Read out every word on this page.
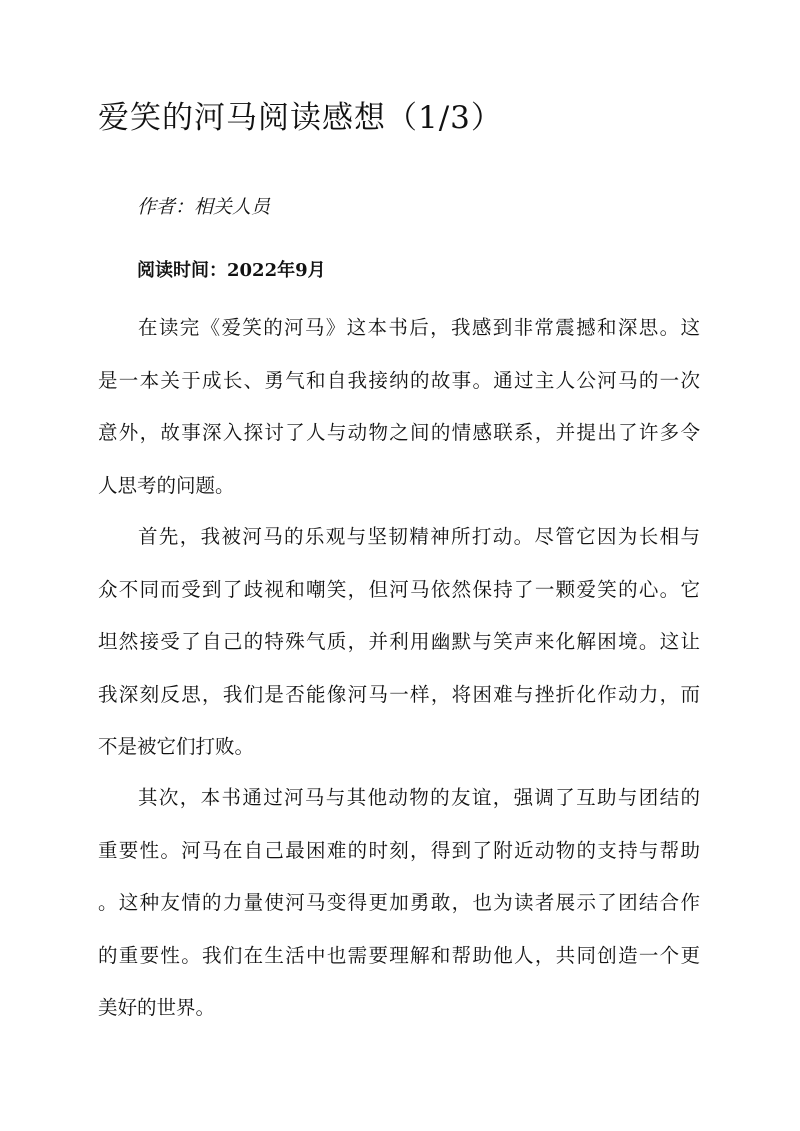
爱笑的河马阅读感想（1/3）
作者：相关人员
阅读时间：2022年9月
在读完《爱笑的河马》这本书后，我感到非常震撼和深思。这
是一本关于成长、勇气和自我接纳的故事。通过主人公河马的一次
意外，故事深入探讨了人与动物之间的情感联系，并提出了许多令
人思考的问题。
首先，我被河马的乐观与坚韧精神所打动。尽管它因为长相与
众不同而受到了歧视和嘲笑，但河马依然保持了一颗爱笑的心。它
坦然接受了自己的特殊气质，并利用幽默与笑声来化解困境。这让
我深刻反思，我们是否能像河马一样，将困难与挫折化作动力，而
不是被它们打败。
其次，本书通过河马与其他动物的友谊，强调了互助与团结的
重要性。河马在自己最困难的时刻，得到了附近动物的支持与帮助
。这种友情的力量使河马变得更加勇敢，也为读者展示了团结合作
的重要性。我们在生活中也需要理解和帮助他人，共同创造一个更
美好的世界。
